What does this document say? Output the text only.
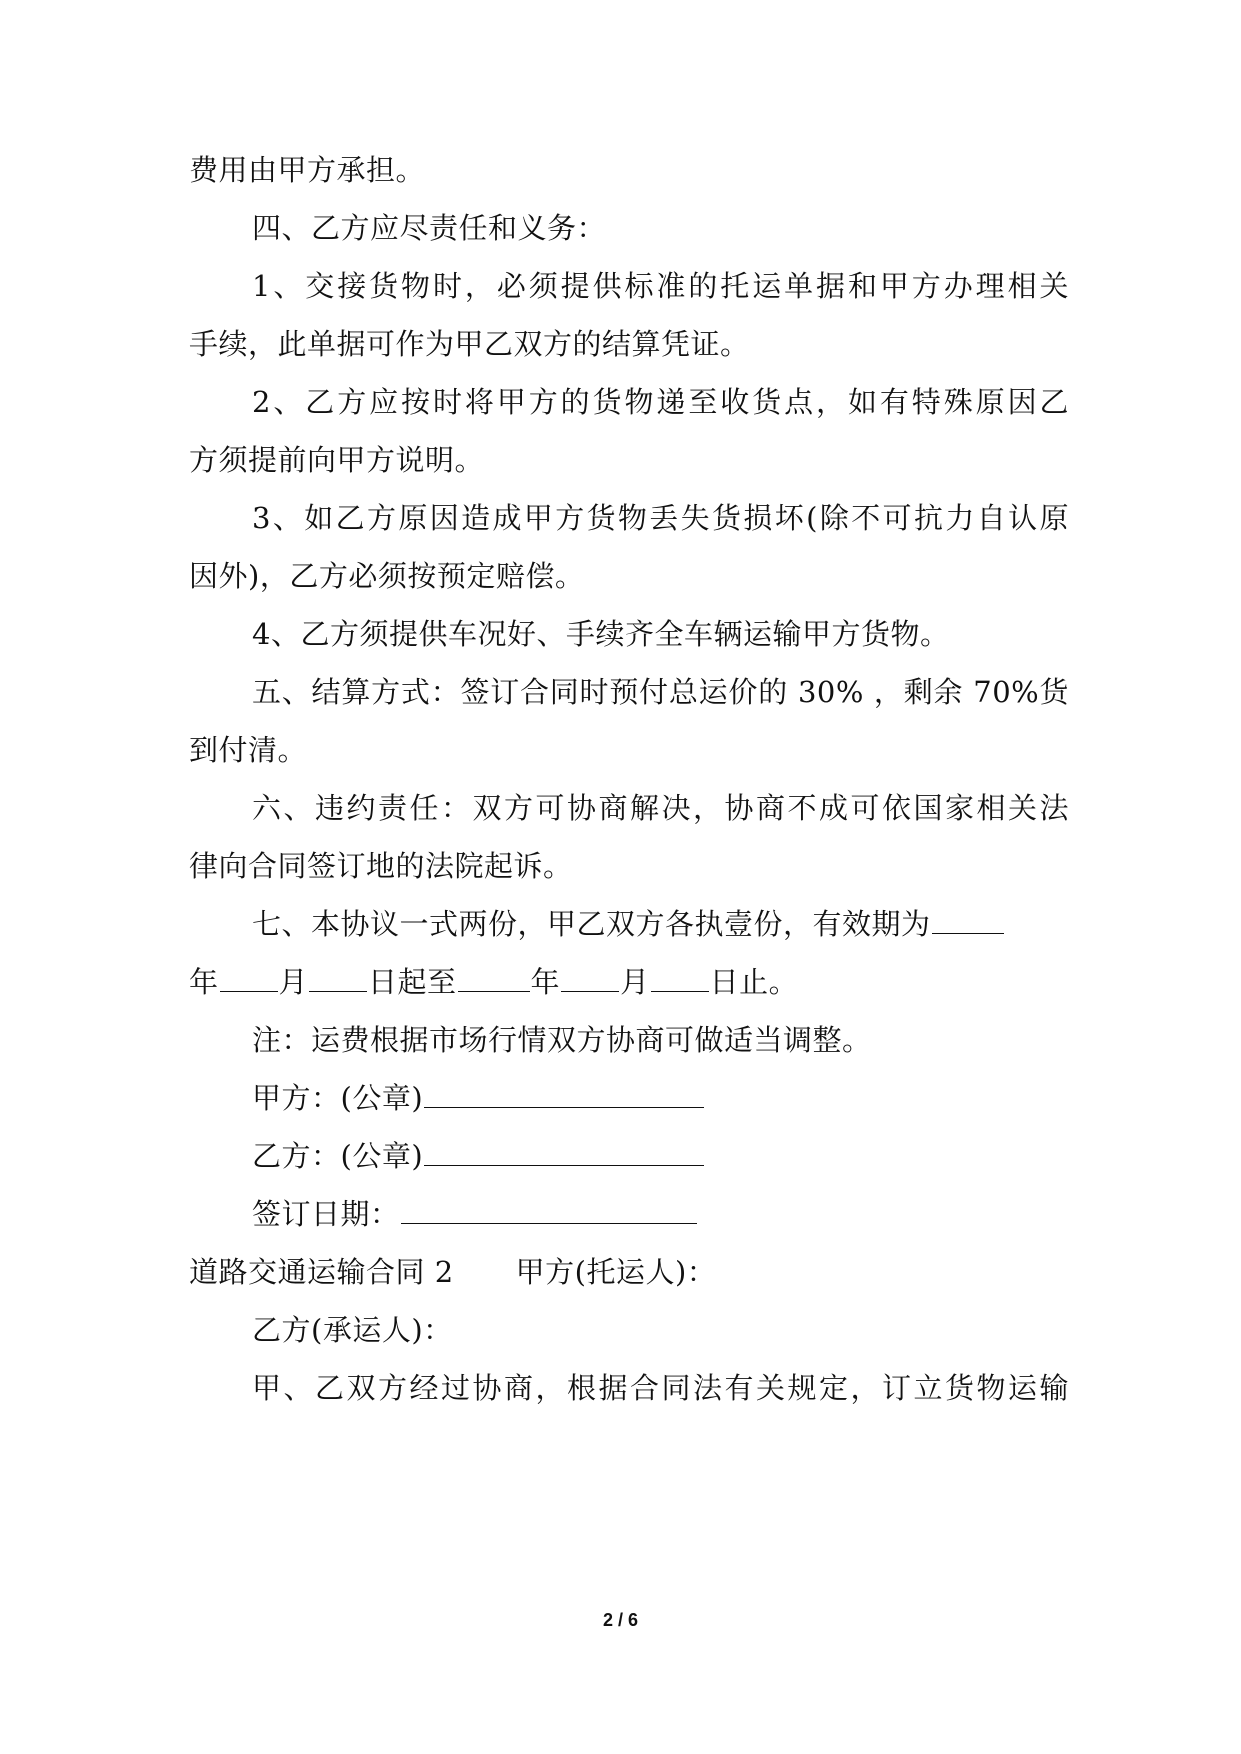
费用由甲方承担。
四、乙方应尽责任和义务：
1、交接货物时，必须提供标准的托运单据和甲方办理相关
手续，此单据可作为甲乙双方的结算凭证。
2、乙方应按时将甲方的货物递至收货点，如有特殊原因乙
方须提前向甲方说明。
3、如乙方原因造成甲方货物丢失货损坏(除不可抗力自认原
因外)，乙方必须按预定赔偿。
4、乙方须提供车况好、手续齐全车辆运输甲方货物。
五、结算方式：签订合同时预付总运价的 30% ，剩余 70%货
到付清。
六、违约责任：双方可协商解决，协商不成可依国家相关法
律向合同签订地的法院起诉。
七、本协议一式两份，甲乙双方各执壹份，有效期为
年 月 日起至	年 月 日止。
注：运费根据市场行情双方协商可做适当调整。
甲方：(公章)
乙方：(公章)
签订日期：
道路交通运输合同 2 甲方(托运人)：
乙方(承运人)：
甲、乙双方经过协商，根据合同法有关规定，订立货物运输
2 / 6
